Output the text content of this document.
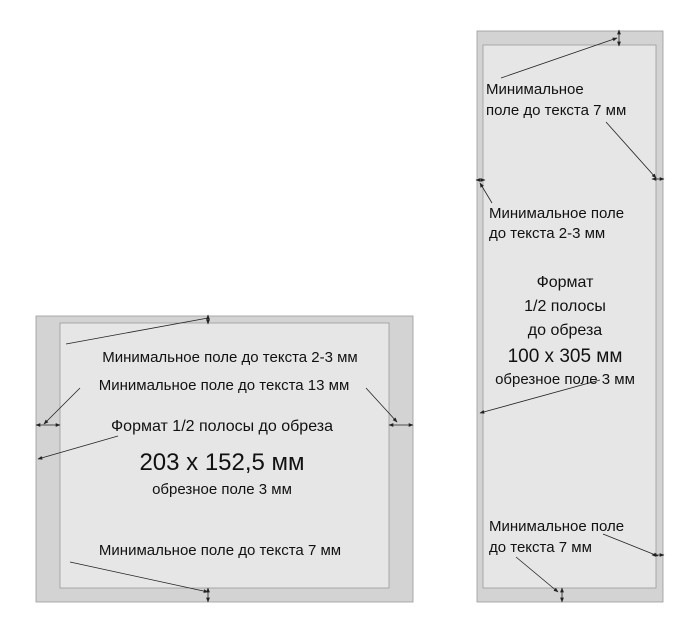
Минимальное поле до текста 2-3 мм
Минимальное поле до текста 13 мм
Формат 1/2 полосы до обреза
203 х 152,5 мм
обрезное поле 3 мм
Минимальное поле до текста 7 мм
Минимальное
поле до текста 7 мм
Минимальное поле
до текста 2-3 мм
Формат
1/2 полосы
до обреза
100 х 305 мм
обрезное поле 3 мм
Минимальное поле
до текста 7 мм
